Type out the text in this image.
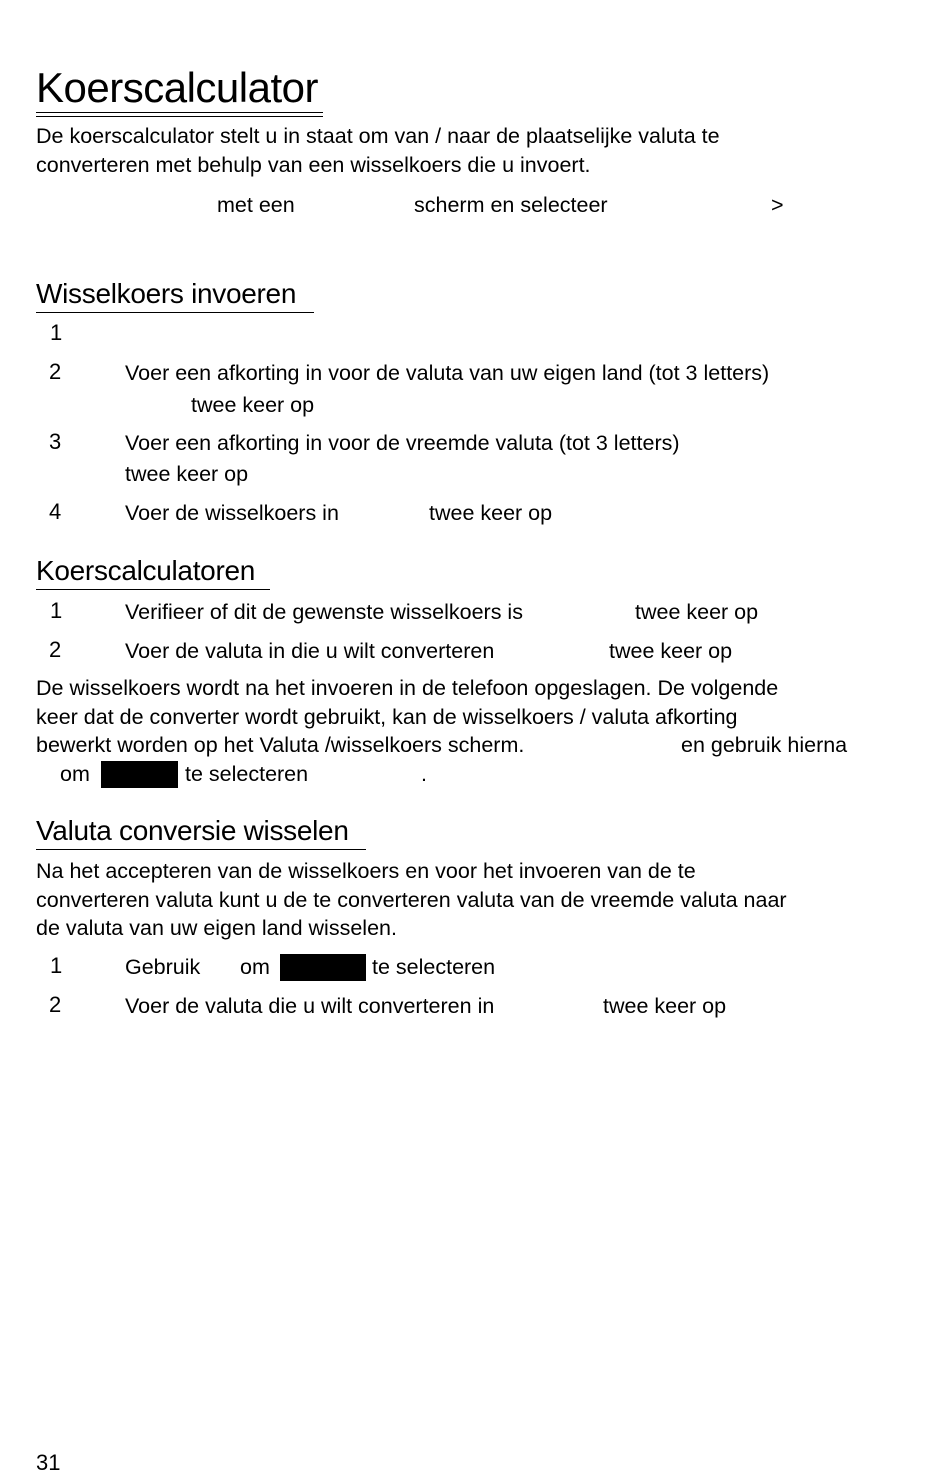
Koerscalculator
De koerscalculator stelt u in staat om van / naar de plaatselijke valuta te
converteren met behulp van een wisselkoers die u invoert.
met een	scherm en selecteer	>
Wisselkoers invoeren
1
2	Voer een afkorting in voor de valuta van uw eigen land (tot 3 letters)
twee keer op
3	Voer een afkorting in voor de vreemde valuta (tot 3 letters)
twee keer op
4	Voer de wisselkoers in	twee keer op
Koerscalculatoren
1	Verifieer of dit de gewenste wisselkoers is	twee keer op
2	Voer de valuta in die u wilt converteren	twee keer op
De wisselkoers wordt na het invoeren in de telefoon opgeslagen. De volgende
keer dat de converter wordt gebruikt, kan de wisselkoers / valuta afkorting
bewerkt worden op het Valuta /wisselkoers scherm.	en gebruik hierna
om	te selecteren	.
Valuta conversie wisselen
Na het accepteren van de wisselkoers en voor het invoeren van de te
converteren valuta kunt u de te converteren valuta van de vreemde valuta naar
de valuta van uw eigen land wisselen.
1	Gebruik om	te selecteren
2	Voer de valuta die u wilt converteren in	twee keer op
31
